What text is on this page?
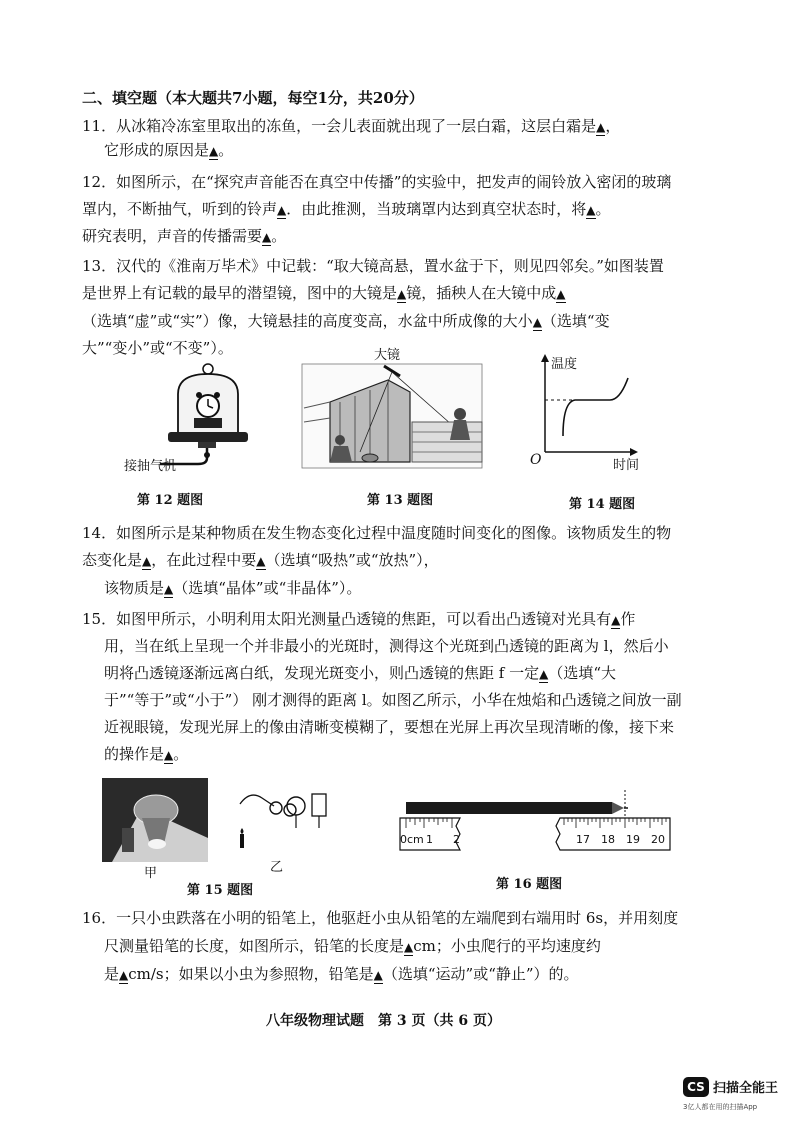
二、填空题（本大题共7小题，每空1分，共20分）
11．从冰箱冷冻室里取出的冻鱼，一会儿表面就出现了一层白霜，这层白霜是▲，
它形成的原因是▲。
12．如图所示，在“探究声音能否在真空中传播”的实验中，把发声的闹铃放入密闭的玻璃
罩内，不断抽气，听到的铃声▲．由此推测，当玻璃罩内达到真空状态时，将▲。
研究表明，声音的传播需要▲。
13．汉代的《淮南万毕术》中记载：“取大镜高悬，置水盆于下，则见四邻矣。”如图装置
是世界上有记载的最早的潜望镜，图中的大镜是▲镜，插秧人在大镜中成▲
（选填“虚”或“实”）像，大镜悬挂的高度变高，水盆中所成像的大小▲（选填“变
大”“变小”或“不变”）。
接抽气机
第 12 题图
大镜
第 13 题图
温度
时间
O
第 14 题图
14．如图所示是某种物质在发生物态变化过程中温度随时间变化的图像。该物质发生的物
态变化是▲，在此过程中要▲（选填“吸热”或“放热”），
该物质是▲（选填“晶体”或“非晶体”）。
15．如图甲所示，小明利用太阳光测量凸透镜的焦距，可以看出凸透镜对光具有▲作
用，当在纸上呈现一个并非最小的光斑时，测得这个光斑到凸透镜的距离为 l，然后小
明将凸透镜逐渐远离白纸，发现光斑变小，则凸透镜的焦距 f 一定▲（选填“大
于”“等于”或“小于”） 刚才测得的距离 l。如图乙所示，小华在烛焰和凸透镜之间放一副
近视眼镜，发现光屏上的像由清晰变模糊了，要想在光屏上再次呈现清晰的像，接下来
的操作是▲。
甲	乙
第 15 题图
0cm 1 2	17 18 19 20
第 16 题图
16．一只小虫跌落在小明的铅笔上，他驱赶小虫从铅笔的左端爬到右端用时 6s，并用刻度
尺测量铅笔的长度，如图所示，铅笔的长度是▲cm；小虫爬行的平均速度约
是▲cm/s；如果以小虫为参照物，铅笔是▲（选填“运动”或“静止”）的。
八年级物理试题　第 3 页（共 6 页）
CS 扫描全能王
3亿人都在用的扫描App
